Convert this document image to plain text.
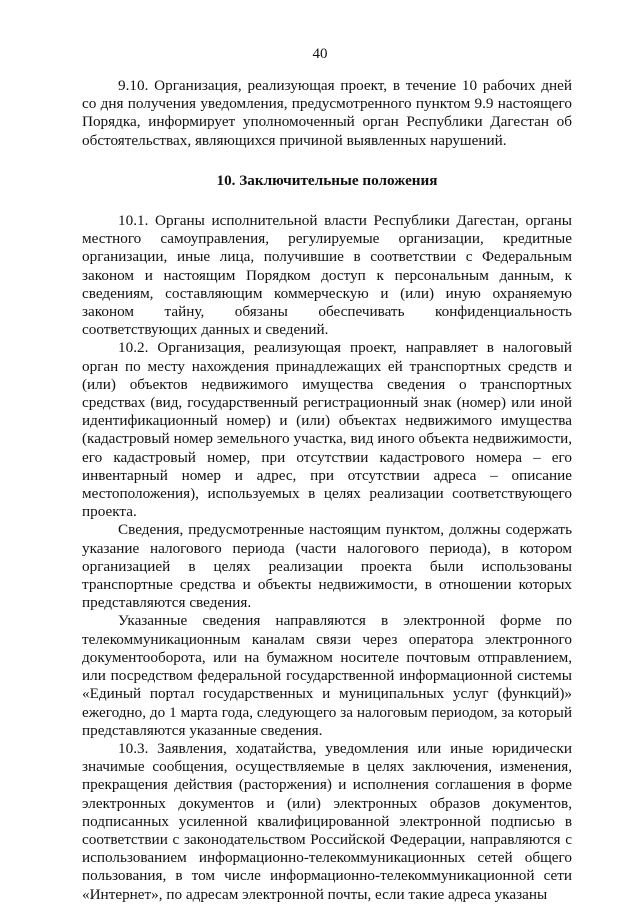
40

9.10. Организация, реализующая проект, в течение 10 рабочих дней со дня получения уведомления, предусмотренного пунктом 9.9 настоящего Порядка, информирует уполномоченный орган Республики Дагестан об обстоятельствах, являющихся причиной выявленных нарушений.

10. Заключительные положения

10.1. Органы исполнительной власти Республики Дагестан, органы местного самоуправления, регулируемые организации, кредитные организации, иные лица, получившие в соответствии с Федеральным законом и настоящим Порядком доступ к персональным данным, к сведениям, составляющим коммерческую и (или) иную охраняемую законом тайну, обязаны обеспечивать конфиденциальность соответствующих данных и сведений.

10.2. Организация, реализующая проект, направляет в налоговый орган по месту нахождения принадлежащих ей транспортных средств и (или) объектов недвижимого имущества сведения о транспортных средствах (вид, государственный регистрационный знак (номер) или иной идентификационный номер) и (или) объектах недвижимого имущества (кадастровый номер земельного участка, вид иного объекта недвижимости, его кадастровый номер, при отсутствии кадастрового номера – его инвентарный номер и адрес, при отсутствии адреса – описание местоположения), используемых в целях реализации соответствующего проекта.

Сведения, предусмотренные настоящим пунктом, должны содержать указание налогового периода (части налогового периода), в котором организацией в целях реализации проекта были использованы транспортные средства и объекты недвижимости, в отношении которых представляются сведения.

Указанные сведения направляются в электронной форме по телекоммуникационным каналам связи через оператора электронного документооборота, или на бумажном носителе почтовым отправлением, или посредством федеральной государственной информационной системы «Единый портал государственных и муниципальных услуг (функций)» ежегодно, до 1 марта года, следующего за налоговым периодом, за который представляются указанные сведения.

10.3. Заявления, ходатайства, уведомления или иные юридически значимые сообщения, осуществляемые в целях заключения, изменения, прекращения действия (расторжения) и исполнения соглашения в форме электронных документов и (или) электронных образов документов, подписанных усиленной квалифицированной электронной подписью в соответствии с законодательством Российской Федерации, направляются с использованием информационно-телекоммуникационных сетей общего пользования, в том числе информационно-телекоммуникационной сети «Интернет», по адресам электронной почты, если такие адреса указаны
